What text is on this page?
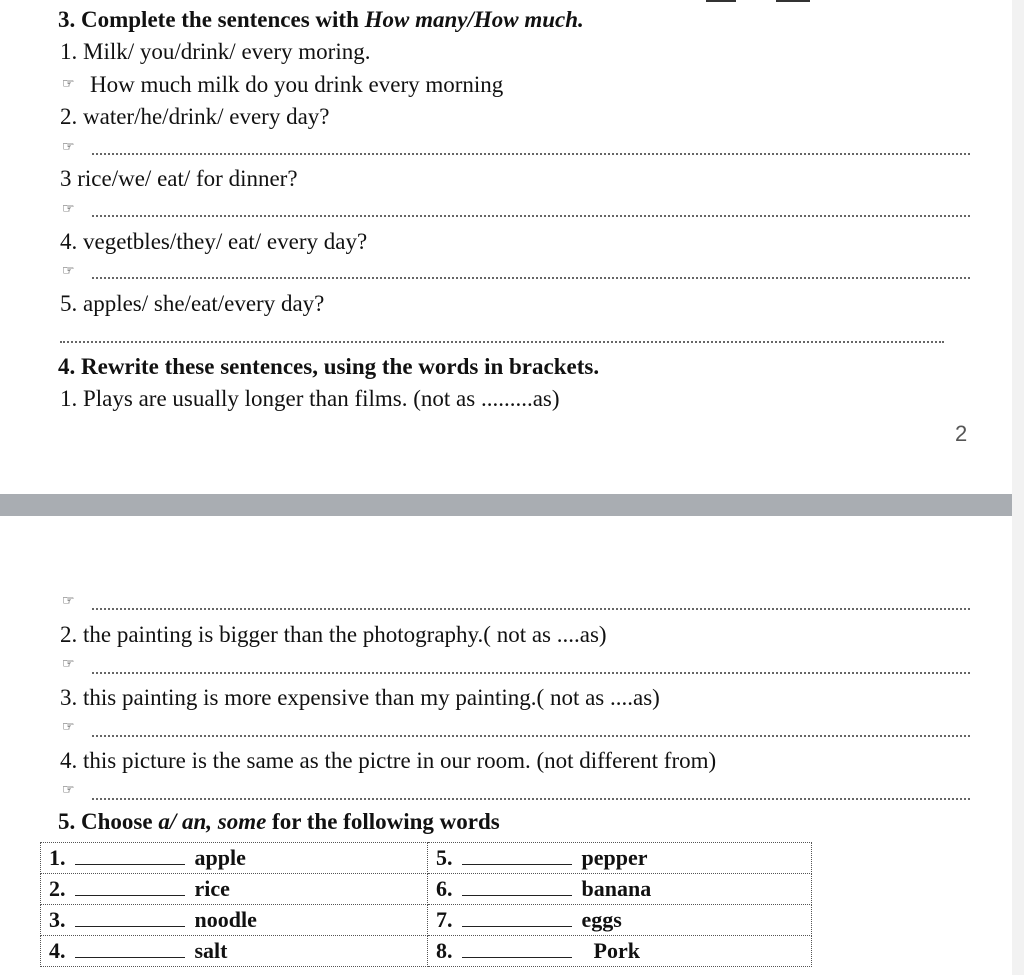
3. Complete the sentences with How many/How much.
1. Milk/ you/drink/ every moring.
☞ How much milk do you drink every morning
2. water/he/drink/ every day?
☞
3 rice/we/ eat/ for dinner?
☞
4. vegetbles/they/ eat/ every day?
☞
5. apples/ she/eat/every day?
4. Rewrite these sentences, using the words in brackets.
1. Plays are usually longer than films. (not as .........as)
2
☞
2. the painting is bigger than the photography.( not as ....as)
☞
3. this painting is more expensive than my painting.( not as ....as)
☞
4. this picture is the same as the pictre in our room. (not different from)
☞
5. Choose a/ an, some for the following words
1. apple	5. pepper
2. rice	6. banana
3. noodle	7. eggs
4. salt	8. Pork
